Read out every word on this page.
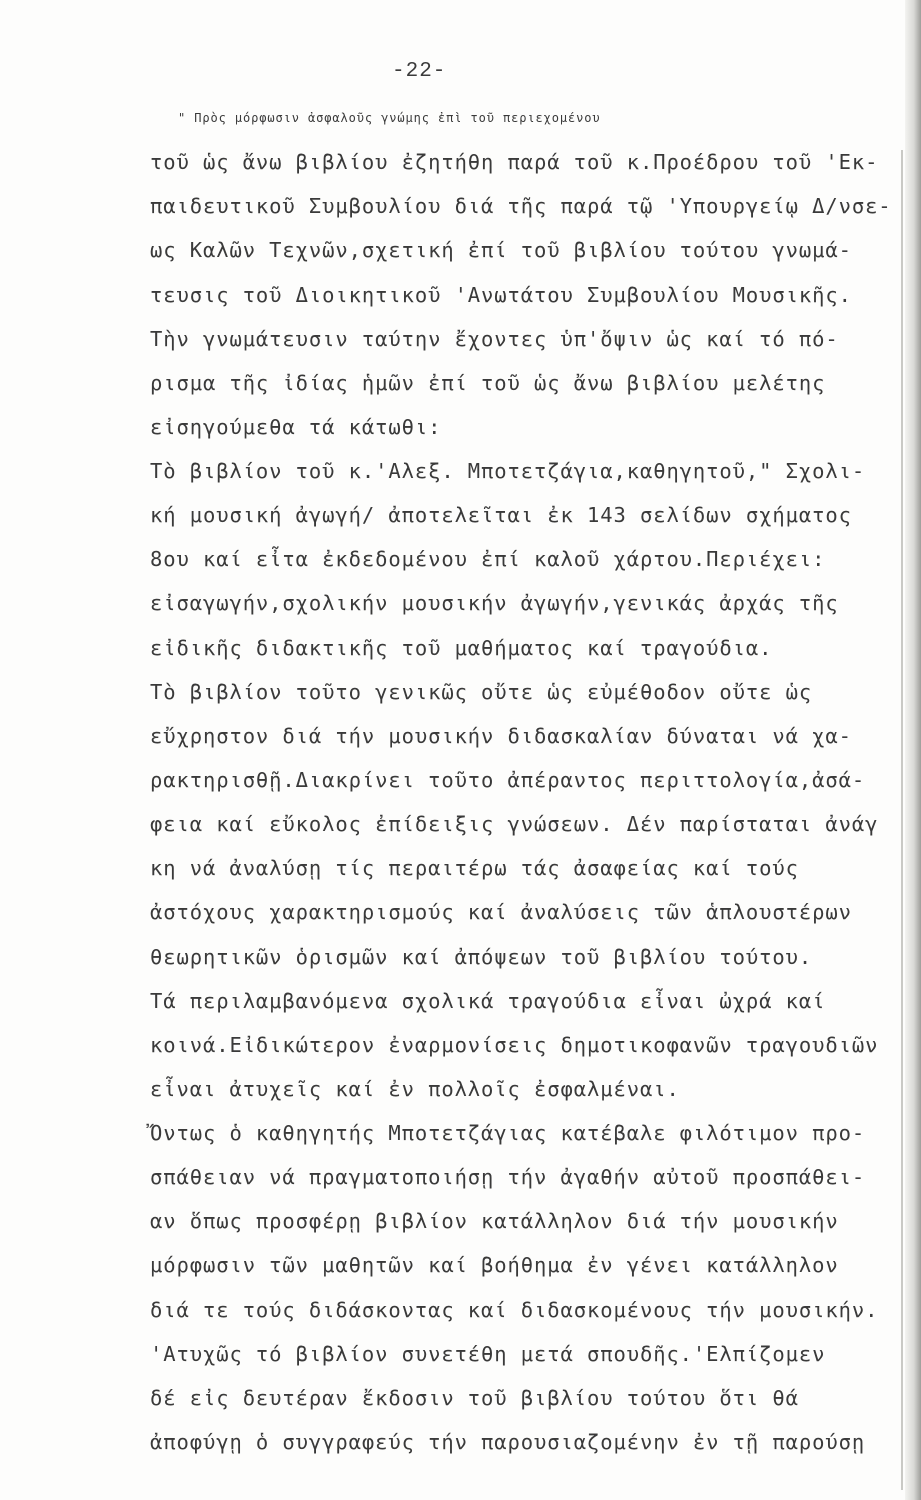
-22-
" Πρὸς μόρφωσιν ἀσφαλοῦς γνώμης ἐπὶ τοῦ περιεχομένου
τοῦ ὡς ἄνω βιβλίου ἐζητήθη παρά τοῦ κ.Προέδρου τοῦ 'Εκ-
παιδευτικοῦ Συμβουλίου διά τῆς παρά τῷ 'Υπουργείῳ Δ/νσε-
ως Καλῶν Τεχνῶν,σχετική ἐπί τοῦ βιβλίου τούτου γνωμά-
τευσις τοῦ Διοικητικοῦ 'Ανωτάτου Συμβουλίου Μουσικῆς.
Τὴν γνωμάτευσιν ταύτην ἔχοντες ὑπ'ὄψιν ὡς καί τό πό-
ρισμα τῆς ἰδίας ἡμῶν ἐπί τοῦ ὡς ἄνω βιβλίου μελέτης
εἰσηγούμεθα τά κάτωθι:
Τὸ βιβλίον τοῦ κ.'Αλεξ. Μποτετζάγια,καθηγητοῦ," Σχολι-
κή μουσική ἀγωγή/ ἀποτελεῖται ἐκ 143 σελίδων σχήματος
8ου καί εἶτα ἐκδεδομένου ἐπί καλοῦ χάρτου.Περιέχει:
εἰσαγωγήν,σχολικήν μουσικήν ἀγωγήν,γενικάς ἀρχάς τῆς
εἰδικῆς διδακτικῆς τοῦ μαθήματος καί τραγούδια.
Τὸ βιβλίον τοῦτο γενικῶς οὔτε ὡς εὐμέθοδον οὔτε ὡς
εὔχρηστον διά τήν μουσικήν διδασκαλίαν δύναται νά χα-
ρακτηρισθῇ.Διακρίνει τοῦτο ἀπέραντος περιττολογία,ἀσά-
φεια καί εὔκολος ἐπίδειξις γνώσεων. Δέν παρίσταται ἀνάγ
κη νά ἀναλύσῃ τίς περαιτέρω τάς ἀσαφείας καί τούς
ἀστόχους χαρακτηρισμούς καί ἀναλύσεις τῶν ἁπλουστέρων
θεωρητικῶν ὁρισμῶν καί ἀπόψεων τοῦ βιβλίου τούτου.
Τά περιλαμβανόμενα σχολικά τραγούδια εἶναι ὠχρά καί
κοινά.Εἰδικώτερον ἐναρμονίσεις δημοτικοφανῶν τραγουδιῶν
εἶναι ἀτυχεῖς καί ἐν πολλοῖς ἐσφαλμέναι.
Ὄντως ὁ καθηγητής Μποτετζάγιας κατέβαλε φιλότιμον προ-
σπάθειαν νά πραγματοποιήσῃ τήν ἀγαθήν αὐτοῦ προσπάθει-
αν ὅπως προσφέρῃ βιβλίον κατάλληλον διά τήν μουσικήν
μόρφωσιν τῶν μαθητῶν καί βοήθημα ἐν γένει κατάλληλον
διά τε τούς διδάσκοντας καί διδασκομένους τήν μουσικήν.
'Ατυχῶς τό βιβλίον συνετέθη μετά σπουδῆς.'Ελπίζομεν
δέ εἰς δευτέραν ἔκδοσιν τοῦ βιβλίου τούτου ὅτι θά
ἀποφύγῃ ὁ συγγραφεύς τήν παρουσιαζομένην ἐν τῇ παρούσῃ
